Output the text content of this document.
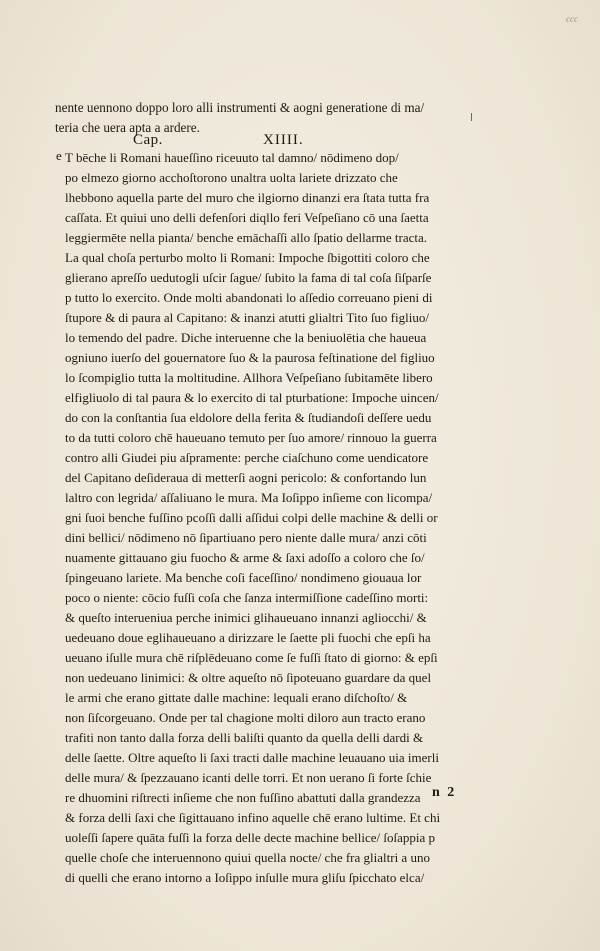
ccc
nente uennono doppo loro alli instrumenti & aogni generatione di ma/
teria che uera apta a ardere.
Cap.	XIIII.
e T bēche li Romani haueſſino riceuuto tal damno/ nōdimeno dop/
po elmezo giorno acchoſtorono unaltra uolta lariete drizzato che
lhebbono aquella parte del muro che ilgiorno dinanzi era ſtata tutta fra
caſſata. Et quiui uno delli defenſori diqllo feri Veſpeſiano cō una ſaetta
leggiermēte nella pianta/ benche emāchaſſi allo ſpatio dellarme tracta.
La qual choſa perturbo molto li Romani: Impoche ſbigottiti coloro che
glierano apreſſo uedutogli uſcir ſague/ ſubito la fama di tal coſa ſiſparſe
p tutto lo exercito. Onde molti abandonati lo aſſedio correuano pieni di
ſtupore & di paura al Capitano: & inanzi atutti glialtri Tito ſuo figliuo/
lo temendo del padre. Diche interuenne che la beniuolētia che haueua
ogniuno iuerſo del gouernatore ſuo & la paurosa feſtinatione del figliuo
lo ſcompiglio tutta la moltitudine. Allhora Veſpeſiano ſubitamēte libero
elfigliuolo di tal paura & lo exercito di tal pturbatione: Impoche uincen/
do con la conſtantia ſua eldolore della ferita & ſtudiandoſi deſſere uedu
to da tutti coloro chē haueuano temuto per ſuo amore/ rinnouo la guerra
contro alli Giudei piu aſpramente: perche ciaſchuno come uendicatore
del Capitano deſideraua di metterſi aogni pericolo: & confortando lun
laltro con legrida/ aſſaliuano le mura. Ma Ioſippo inſieme con licompa/
gni ſuoi benche fuſſino pcoſſi dalli aſſidui colpi delle machine & delli or
dini bellici/ nōdimeno nō ſipartiuano pero niente dalle mura/ anzi cōti
nuamente gittauano giu fuocho & arme & ſaxi adoſſo a coloro che ſo/
ſpingeuano lariete. Ma benche coſi faceſſino/ nondimeno giouaua lor
poco o niente: cōcio fuſſi coſa che ſanza intermiſſione cadeſſino morti:
& queſto interueniua perche inimici glihaueuano innanzi agliocchi/ &
uedeuano doue eglihaueuano a dirizzare le ſaette pli fuochi che epſi ha
ueuano iſulle mura chē riſplēdeuano come ſe fuſſi ſtato di giorno: & epſi
non uedeuano linimici: & oltre aqueſto nō ſipoteuano guardare da quel
le armi che erano gittate dalle machine: lequali erano diſchoſto/ &
non ſiſcorgeuano. Onde per tal chagione molti diloro aun tracto erano
trafiti non tanto dalla forza delli baliſti quanto da quella delli dardi &
delle ſaette. Oltre aqueſto li ſaxi tracti dalle machine leuauano uia imerli
delle mura/ & ſpezzauano icanti delle torri. Et non uerano ſi forte ſchie
re dhuomini riſtrecti inſieme che non fuſſino abattuti dalla grandezza
& forza delli ſaxi che ſigittauano infino aquelle chē erano lultime. Et chi
uoleſſi ſapere quāta fuſſi la forza delle decte machine bellice/ ſoſappia p
quelle choſe che interuennono quiui quella nocte/ che fra glialtri a uno
di quelli che erano intorno a Ioſippo inſulle mura gliſu ſpicchato elca/
n 2
